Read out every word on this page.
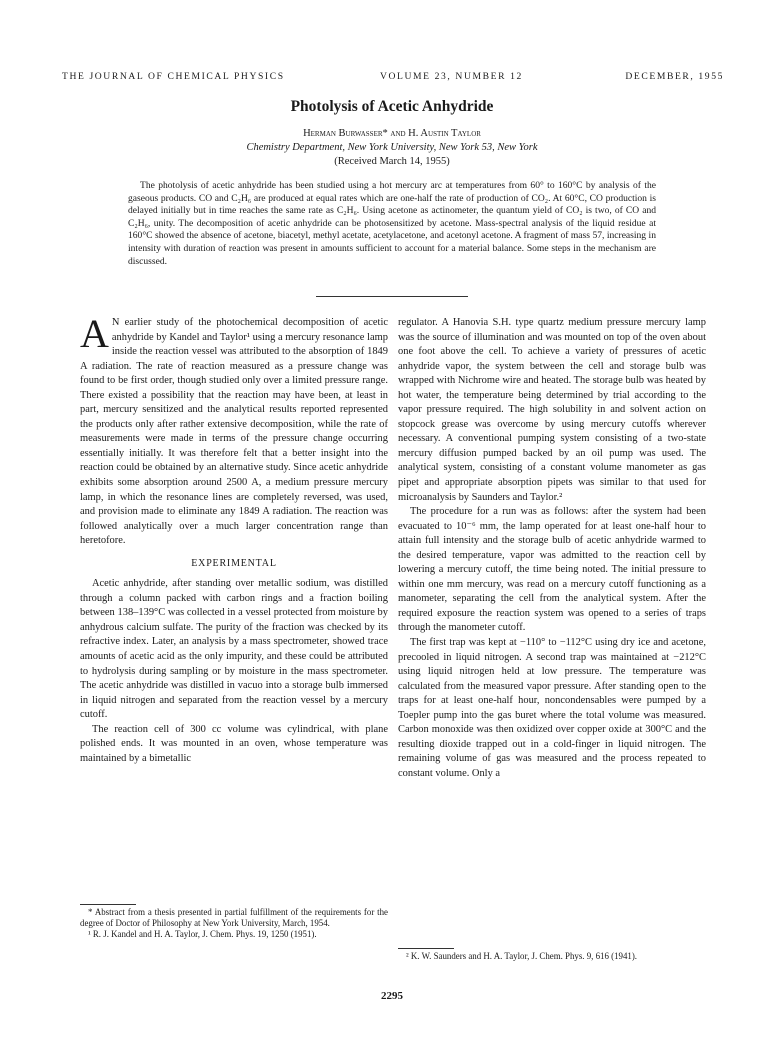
THE JOURNAL OF CHEMICAL PHYSICS	VOLUME 23, NUMBER 12	DECEMBER, 1955
Photolysis of Acetic Anhydride
Herman Burwasser* and H. Austin Taylor
Chemistry Department, New York University, New York 53, New York
(Received March 14, 1955)
The photolysis of acetic anhydride has been studied using a hot mercury arc at temperatures from 60° to 160°C by analysis of the gaseous products. CO and C₂H₆ are produced at equal rates which are one-half the rate of production of CO₂. At 60°C, CO production is delayed initially but in time reaches the same rate as C₂H₆. Using acetone as actinometer, the quantum yield of CO₂ is two, of CO and C₂H₆, unity. The decomposition of acetic anhydride can be photosensitized by acetone. Mass-spectral analysis of the liquid residue at 160°C showed the absence of acetone, biacetyl, methyl acetate, acetylacetone, and acetonyl acetone. A fragment of mass 57, increasing in intensity with duration of reaction was present in amounts sufficient to account for a material balance. Some steps in the mechanism are discussed.

A N earlier study of the photochemical decomposition of acetic anhydride by Kandel and Taylor¹ using a mercury resonance lamp inside the reaction vessel was attributed to the absorption of 1849 A radiation. The rate of reaction measured as a pressure change was found to be first order, though studied only over a limited pressure range. There existed a possibility that the reaction may have been, at least in part, mercury sensitized and the analytical results reported represented the products only after rather extensive decomposition, while the rate of measurements were made in terms of the pressure change occurring essentially initially. It was therefore felt that a better insight into the reaction could be obtained by an alternative study. Since acetic anhydride exhibits some absorption around 2500 A, a medium pressure mercury lamp, in which the resonance lines are completely reversed, was used, and provision made to eliminate any 1849 A radiation. The reaction was followed analytically over a much larger concentration range than heretofore.

EXPERIMENTAL

Acetic anhydride, after standing over metallic sodium, was distilled through a column packed with carbon rings and a fraction boiling between 138–139°C was collected in a vessel protected from moisture by anhydrous calcium sulfate. The purity of the fraction was checked by its refractive index. Later, an analysis by a mass spectrometer, showed trace amounts of acetic acid as the only impurity, and these could be attributed to hydrolysis during sampling or by moisture in the mass spectrometer. The acetic anhydride was distilled in vacuo into a storage bulb immersed in liquid nitrogen and separated from the reaction vessel by a mercury cutoff.

The reaction cell of 300 cc volume was cylindrical, with plane polished ends. It was mounted in an oven, whose temperature was maintained by a bimetallic

regulator. A Hanovia S.H. type quartz medium pressure mercury lamp was the source of illumination and was mounted on top of the oven about one foot above the cell. To achieve a variety of pressures of acetic anhydride vapor, the system between the cell and storage bulb was wrapped with Nichrome wire and heated. The storage bulb was heated by hot water, the temperature being determined by trial according to the vapor pressure required. The high solubility in and solvent action on stopcock grease was overcome by using mercury cutoffs wherever necessary. A conventional pumping system consisting of a two-state mercury diffusion pumped backed by an oil pump was used. The analytical system, consisting of a constant volume manometer as gas pipet and appropriate absorption pipets was similar to that used for microanalysis by Saunders and Taylor.²

The procedure for a run was as follows: after the system had been evacuated to 10⁻⁶ mm, the lamp operated for at least one-half hour to attain full intensity and the storage bulb of acetic anhydride warmed to the desired temperature, vapor was admitted to the reaction cell by lowering a mercury cutoff, the time being noted. The initial pressure to within one mm mercury, was read on a mercury cutoff functioning as a manometer, separating the cell from the analytical system. After the required exposure the reaction system was opened to a series of traps through the manometer cutoff.

The first trap was kept at −110° to −112°C using dry ice and acetone, precooled in liquid nitrogen. A second trap was maintained at −212°C using liquid nitrogen held at low pressure. The temperature was calculated from the measured vapor pressure. After standing open to the traps for at least one-half hour, noncondensables were pumped by a Toepler pump into the gas buret where the total volume was measured. Carbon monoxide was then oxidized over copper oxide at 300°C and the resulting dioxide trapped out in a cold-finger in liquid nitrogen. The remaining volume of gas was measured and the process repeated to constant volume. Only a

* Abstract from a thesis presented in partial fulfillment of the requirements for the degree of Doctor of Philosophy at New York University, March, 1954.

¹ R. J. Kandel and H. A. Taylor, J. Chem. Phys. 19, 1250 (1951).

² K. W. Saunders and H. A. Taylor, J. Chem. Phys. 9, 616 (1941).

2295
